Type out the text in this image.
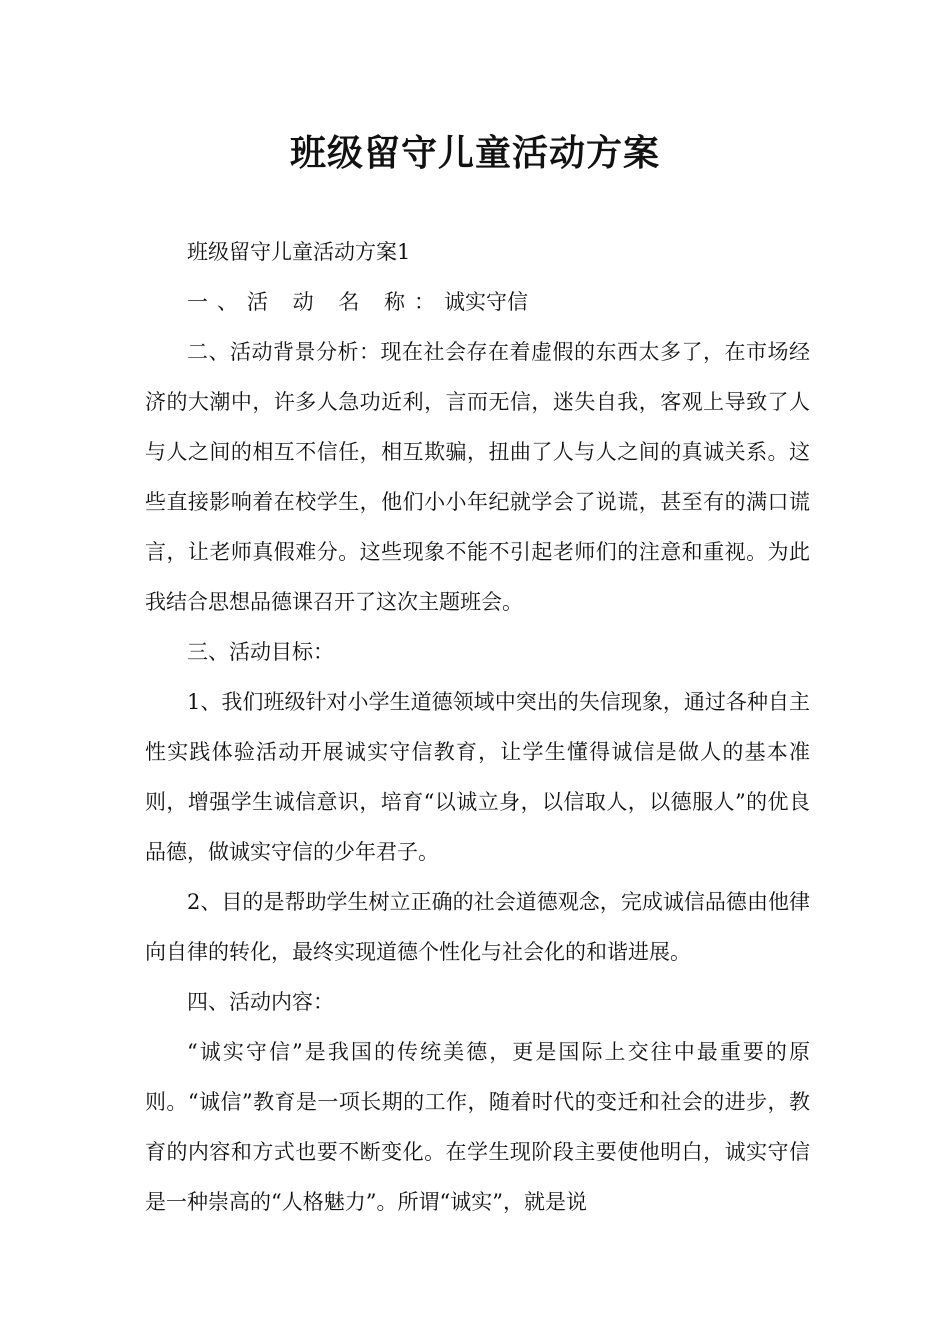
班级留守儿童活动方案

班级留守儿童活动方案1

一、活 动 名 称：诚实守信

二、活动背景分析：现在社会存在着虚假的东西太多了，在市场经济的大潮中，许多人急功近利，言而无信，迷失自我，客观上导致了人与人之间的相互不信任，相互欺骗，扭曲了人与人之间的真诚关系。这些直接影响着在校学生，他们小小年纪就学会了说谎，甚至有的满口谎言，让老师真假难分。这些现象不能不引起老师们的注意和重视。为此我结合思想品德课召开了这次主题班会。

三、活动目标：

1、我们班级针对小学生道德领域中突出的失信现象，通过各种自主性实践体验活动开展诚实守信教育，让学生懂得诚信是做人的基本准则，增强学生诚信意识，培育“以诚立身，以信取人，以德服人”的优良品德，做诚实守信的少年君子。

2、目的是帮助学生树立正确的社会道德观念，完成诚信品德由他律向自律的转化，最终实现道德个性化与社会化的和谐进展。

四、活动内容：

“诚实守信”是我国的传统美德，更是国际上交往中最重要的原则。“诚信”教育是一项长期的工作，随着时代的变迁和社会的进步，教育的内容和方式也要不断变化。在学生现阶段主要使他明白，诚实守信是一种崇高的“人格魅力”。所谓“诚实”，就是说
